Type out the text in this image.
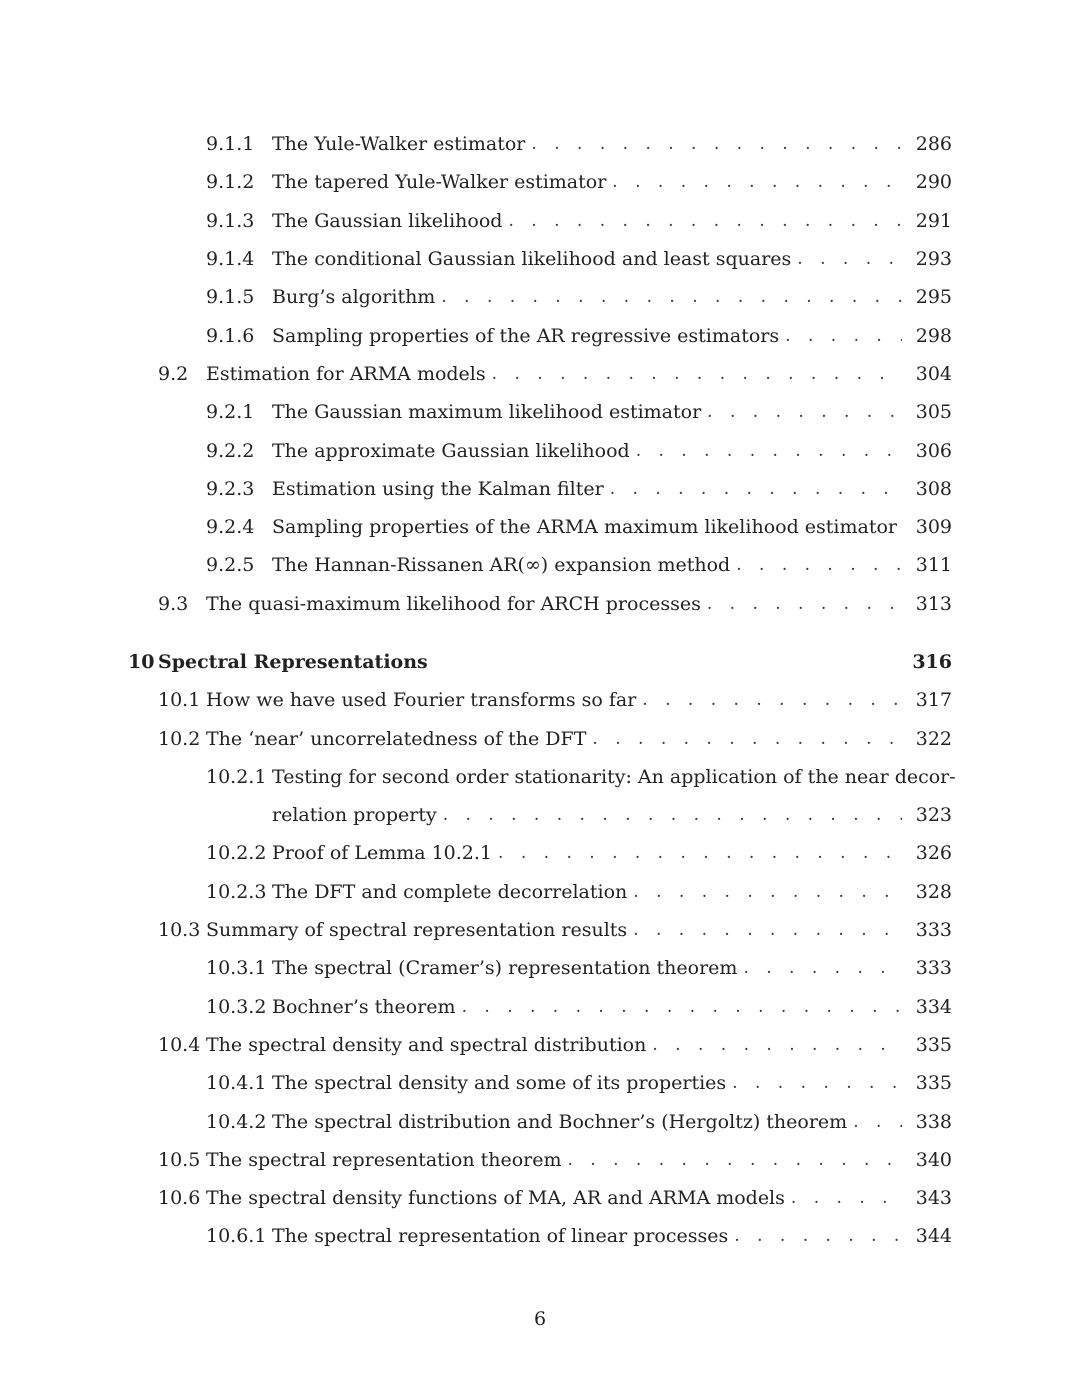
9.1.1 The Yule-Walker estimator . . .	286
9.1.2 The tapered Yule-Walker estimator . . .	290
9.1.3 The Gaussian likelihood . . .	291
9.1.4 The conditional Gaussian likelihood and least squares . . .	293
9.1.5 Burg’s algorithm . . .	295
9.1.6 Sampling properties of the AR regressive estimators . . .	298
9.2 Estimation for ARMA models . . .	304
9.2.1 The Gaussian maximum likelihood estimator . . .	305
9.2.2 The approximate Gaussian likelihood . . .	306
9.2.3 Estimation using the Kalman filter . . .	308
9.2.4 Sampling properties of the ARMA maximum likelihood estimator 309
9.2.5 The Hannan-Rissanen AR(∞) expansion method . . .	311
9.3 The quasi-maximum likelihood for ARCH processes . . .	313
10 Spectral Representations	316
10.1 How we have used Fourier transforms so far . . .	317
10.2 The ‘near’ uncorrelatedness of the DFT . . .	322
10.2.1 Testing for second order stationarity: An application of the near decor-
relation property . . .	323
10.2.2 Proof of Lemma 10.2.1 . . .	326
10.2.3 The DFT and complete decorrelation . . .	328
10.3 Summary of spectral representation results . . .	333
10.3.1 The spectral (Cramer’s) representation theorem . . .	333
10.3.2 Bochner’s theorem . . .	334
10.4 The spectral density and spectral distribution . . .	335
10.4.1 The spectral density and some of its properties . . .	335
10.4.2 The spectral distribution and Bochner’s (Hergoltz) theorem . . .	338
10.5 The spectral representation theorem . . .	340
10.6 The spectral density functions of MA, AR and ARMA models . . .	343
10.6.1 The spectral representation of linear processes . . .	344
6
